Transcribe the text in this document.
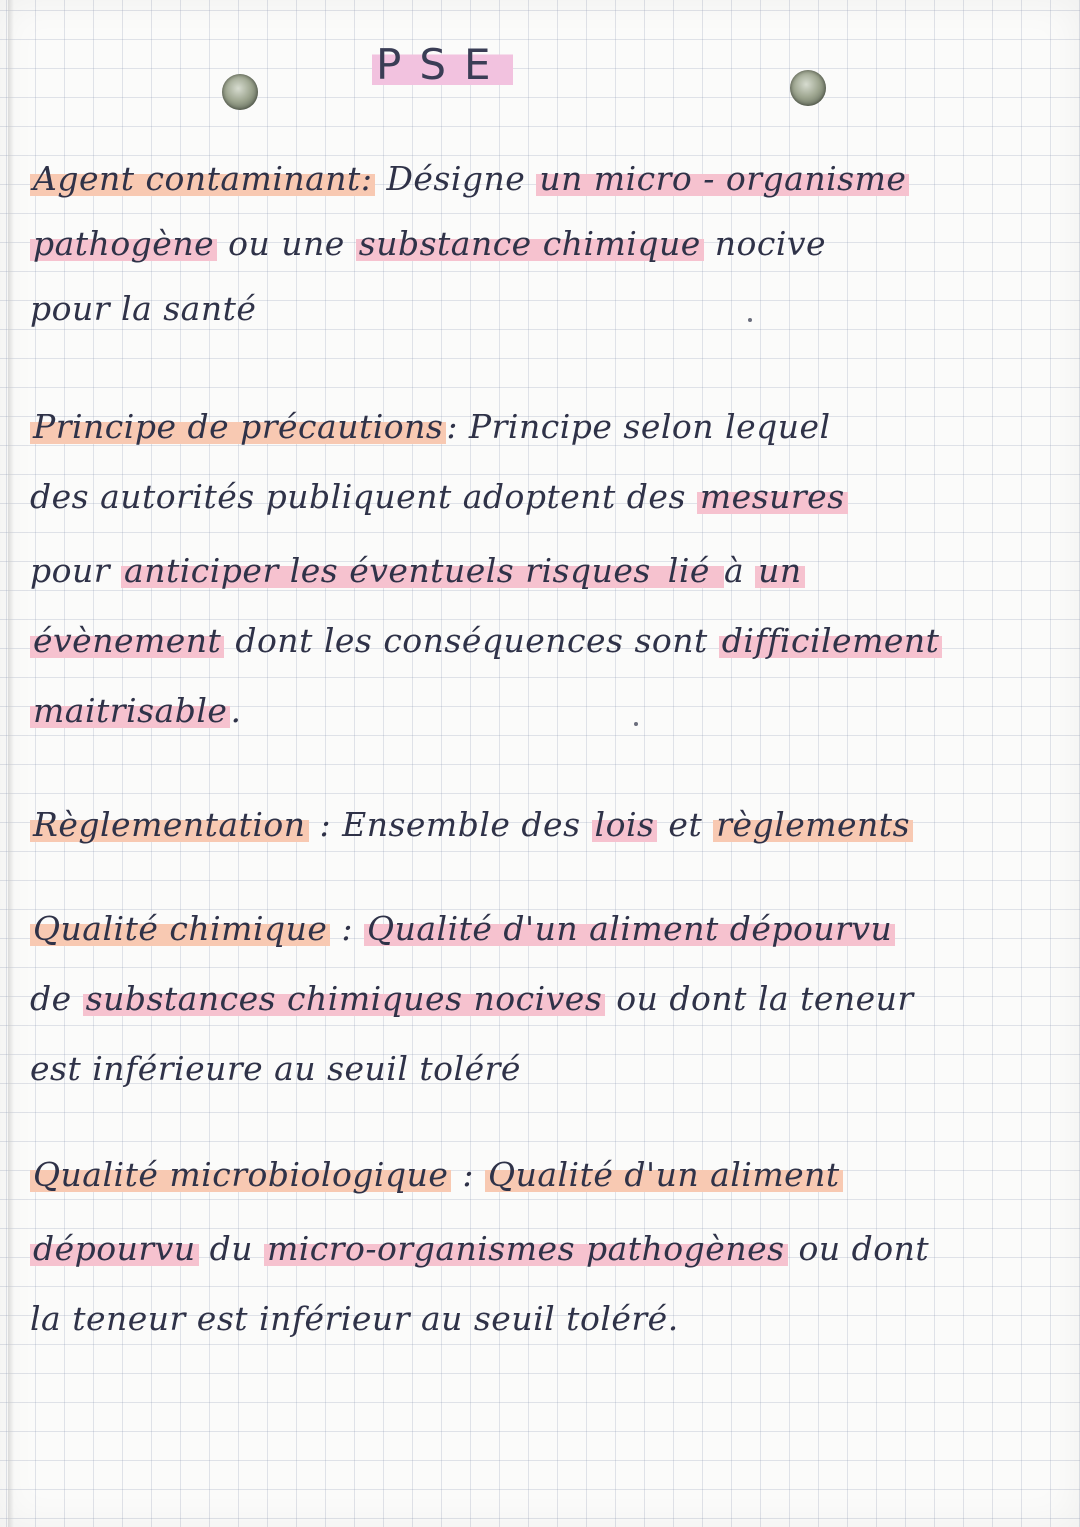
PSE
Agent contaminant: Désigne un micro - organisme
pathogène ou une substance chimique nocive
pour la santé
Principe de précautions: Principe selon lequel
des autorités publiquent adoptent des mesures
pour anticiper les éventuels risques lié à un
évènement dont les conséquences sont difficilement
maitrisable.
Règlementation : Ensemble des lois et règlements
Qualité chimique : Qualité d'un aliment dépourvu
de substances chimiques nocives ou dont la teneur
est inférieure au seuil toléré
Qualité microbiologique : Qualité d'un aliment
dépourvu du micro-organismes pathogènes ou dont
la teneur est inférieur au seuil toléré.
